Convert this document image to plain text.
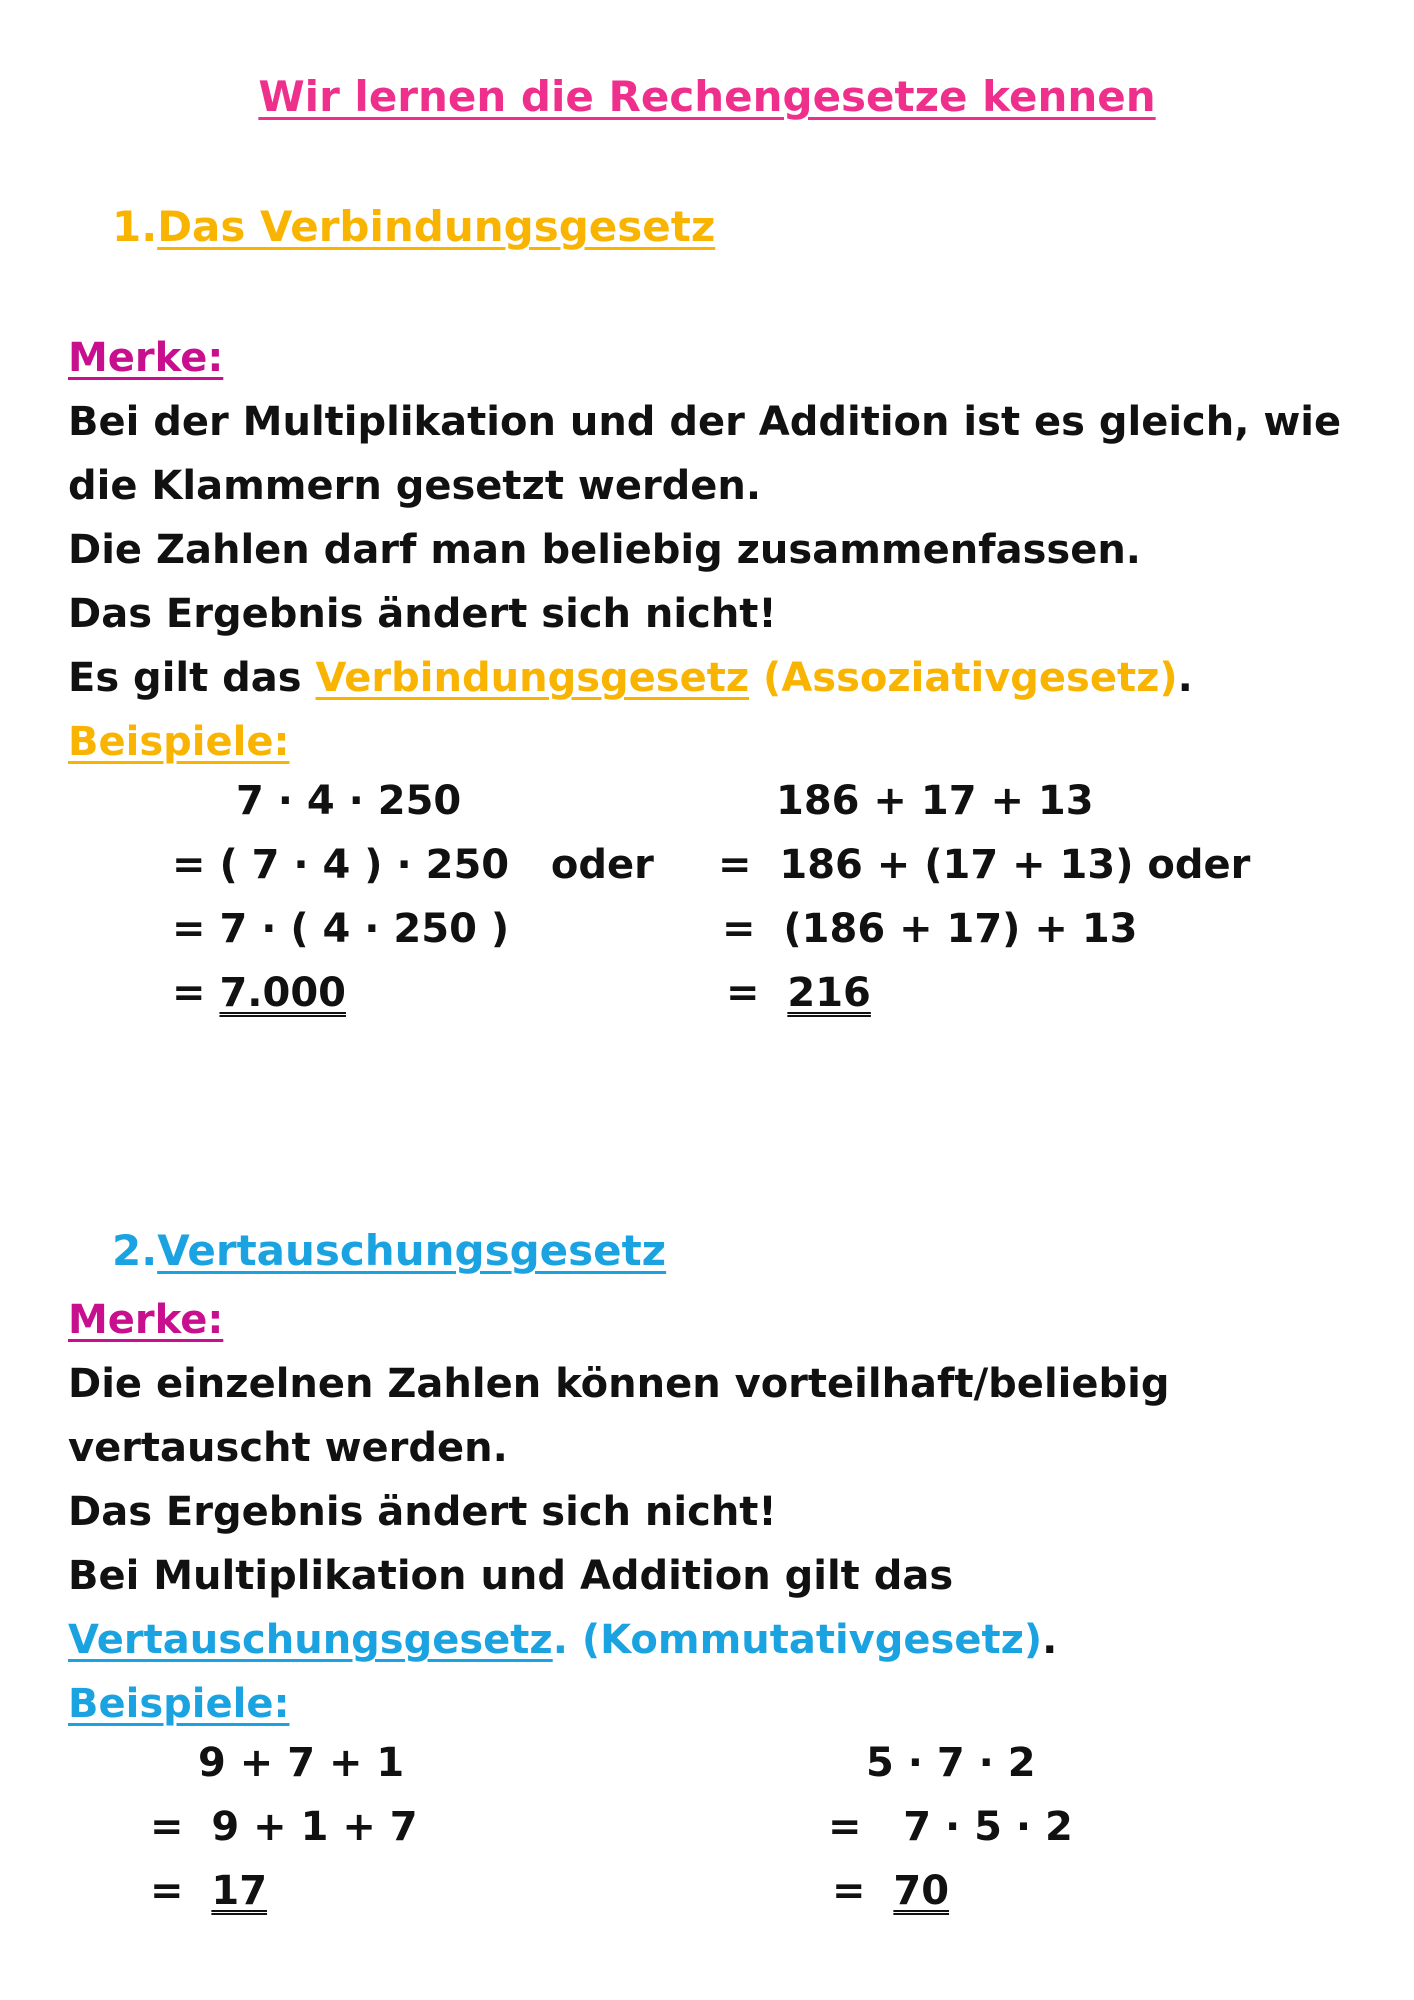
Wir lernen die Rechengesetze kennen
1.Das Verbindungsgesetz
Merke:
Bei der Multiplikation und der Addition ist es gleich, wie
die Klammern gesetzt werden.
Die Zahlen darf man beliebig zusammenfassen.
Das Ergebnis ändert sich nicht!
Es gilt das Verbindungsgesetz (Assoziativgesetz).
Beispiele:
7 · 4 · 250
= ( 7 · 4 ) · 250   oder
= 7 · ( 4 · 250 )
= 7.000
186 + 17 + 13
=  186 + (17 + 13) oder
=  (186 + 17) + 13
=  216
2.Vertauschungsgesetz
Merke:
Die einzelnen Zahlen können vorteilhaft/beliebig
vertauscht werden.
Das Ergebnis ändert sich nicht!
Bei Multiplikation und Addition gilt das
Vertauschungsgesetz. (Kommutativgesetz).
Beispiele:
9 + 7 + 1
=  9 + 1 + 7
=  17
5 · 7 · 2
=   7 · 5 · 2
=  70
